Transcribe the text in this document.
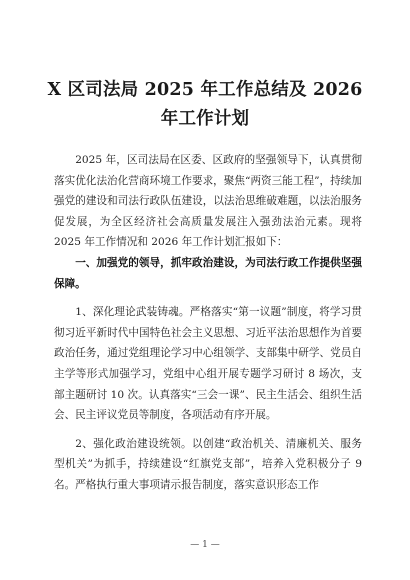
X 区司法局 2025 年工作总结及 2026 年工作计划

2025 年，区司法局在区委、区政府的坚强领导下，认真贯彻落实优化法治化营商环境工作要求，聚焦“两资三能工程”，持续加强党的建设和司法行政队伍建设，以法治思维破难题，以法治服务促发展，为全区经济社会高质量发展注入强劲法治元素。现将 2025 年工作情况和 2026 年工作计划汇报如下：

一、加强党的领导，抓牢政治建设，为司法行政工作提供坚强保障。

1、深化理论武装铸魂。严格落实“第一议题”制度，将学习贯彻习近平新时代中国特色社会主义思想、习近平法治思想作为首要政治任务，通过党组理论学习中心组领学、支部集中研学、党员自主学等形式加强学习，党组中心组开展专题学习研讨 8 场次，支部主题研讨 10 次。认真落实“三会一课”、民主生活会、组织生活会、民主评议党员等制度，各项活动有序开展。

2、强化政治建设统领。以创建“政治机关、清廉机关、服务型机关”为抓手，持续建设“红旗党支部”，培养入党积极分子 9 名。严格执行重大事项请示报告制度，落实意识形态工作

— 1 —
